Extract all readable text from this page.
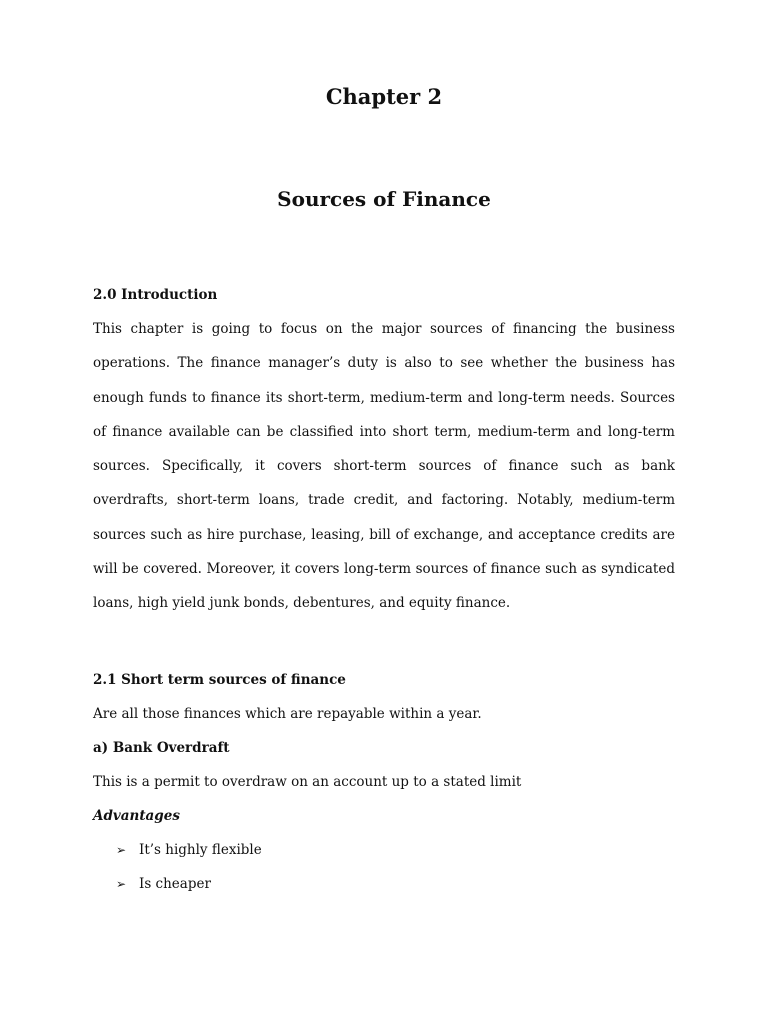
Chapter 2
Sources of Finance

2.0 Introduction

This chapter is going to focus on the major sources of financing the business operations. The finance manager’s duty is also to see whether the business has enough funds to finance its short-term, medium-term and long-term needs. Sources of finance available can be classified into short term, medium-term and long-term sources. Specifically, it covers short-term sources of finance such as bank overdrafts, short-term loans, trade credit, and factoring. Notably, medium-term sources such as hire purchase, leasing, bill of exchange, and acceptance credits are will be covered. Moreover, it covers long-term sources of finance such as syndicated loans, high yield junk bonds, debentures, and equity finance.

2.1 Short term sources of finance

Are all those finances which are repayable within a year.

a) Bank Overdraft

This is a permit to overdraw on an account up to a stated limit

Advantages

➢ It’s highly flexible
➢ Is cheaper
